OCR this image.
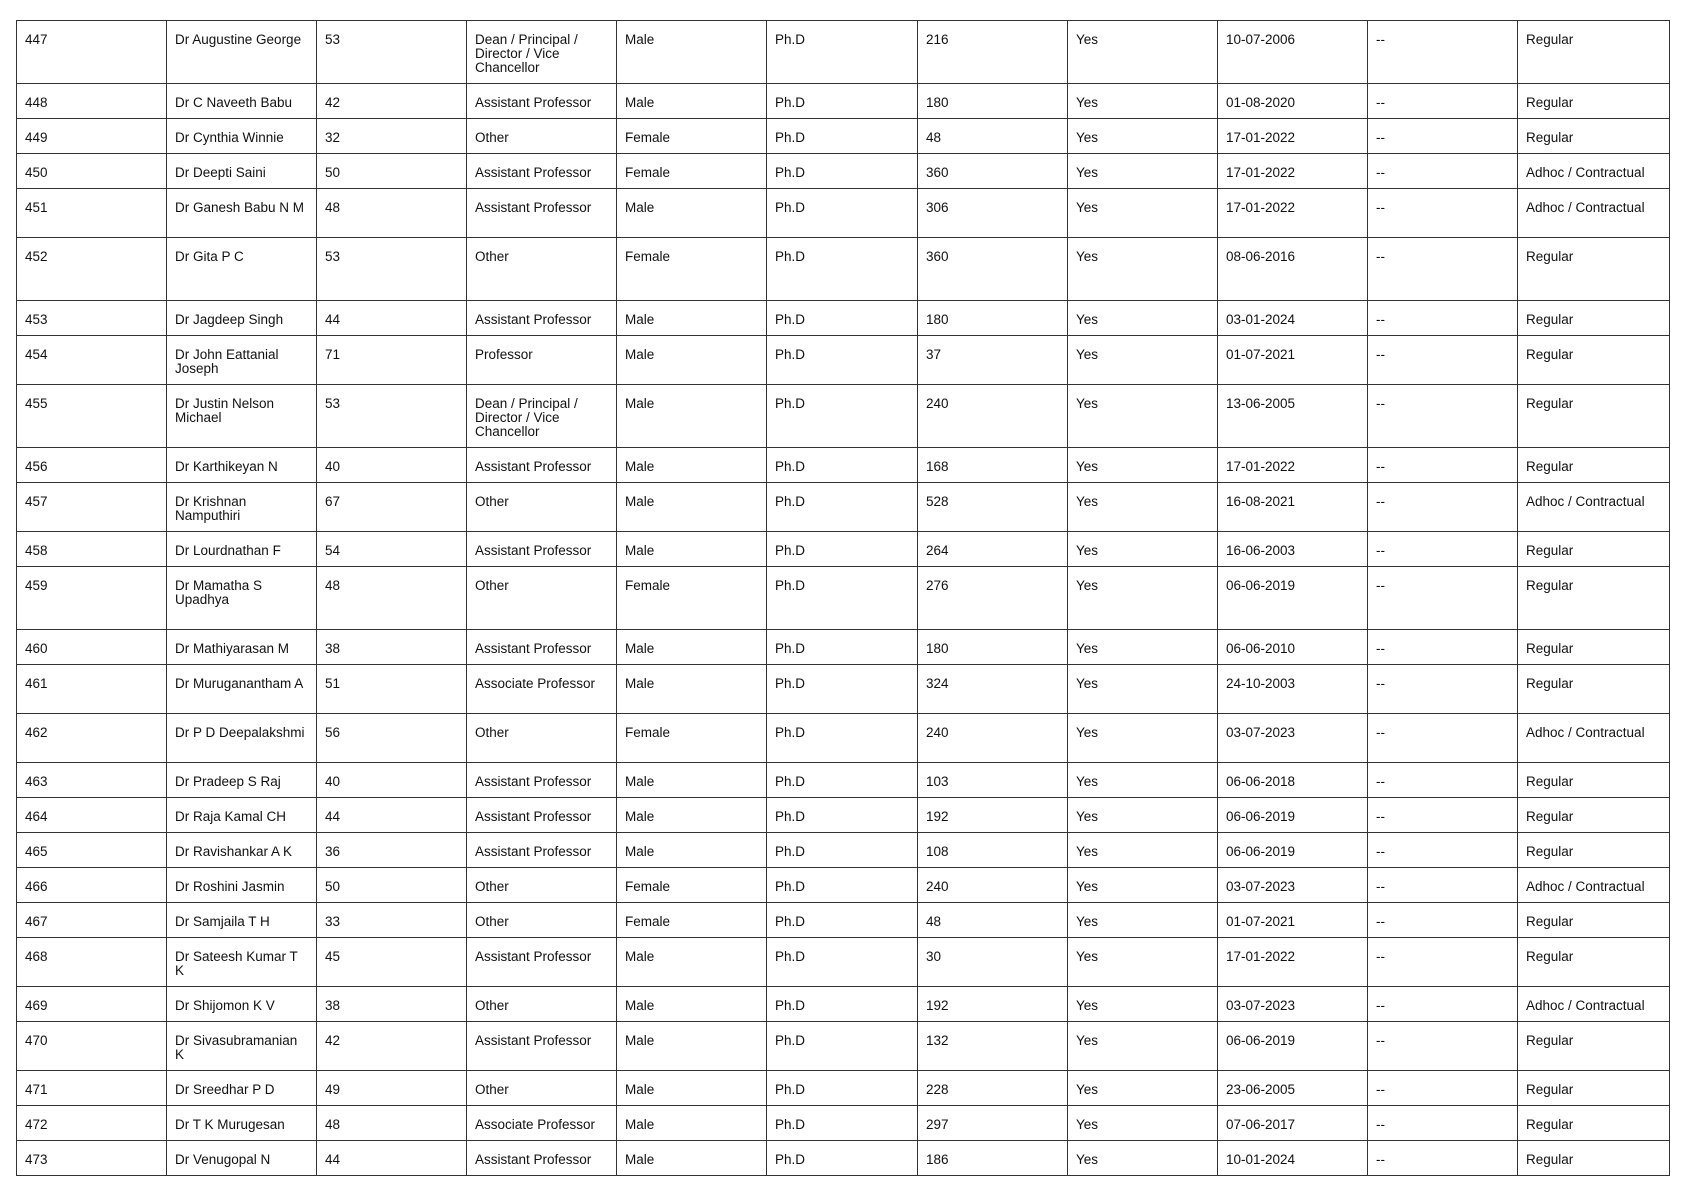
447	Dr Augustine George	53	Dean / Principal / Director / Vice Chancellor	Male	Ph.D	216	Yes	10-07-2006	--	Regular
448	Dr C Naveeth Babu	42	Assistant Professor	Male	Ph.D	180	Yes	01-08-2020	--	Regular
449	Dr Cynthia Winnie	32	Other	Female	Ph.D	48	Yes	17-01-2022	--	Regular
450	Dr Deepti Saini	50	Assistant Professor	Female	Ph.D	360	Yes	17-01-2022	--	Adhoc / Contractual
451	Dr Ganesh Babu N M	48	Assistant Professor	Male	Ph.D	306	Yes	17-01-2022	--	Adhoc / Contractual
452	Dr Gita P C	53	Other	Female	Ph.D	360	Yes	08-06-2016	--	Regular
453	Dr Jagdeep Singh	44	Assistant Professor	Male	Ph.D	180	Yes	03-01-2024	--	Regular
454	Dr John Eattanial Joseph	71	Professor	Male	Ph.D	37	Yes	01-07-2021	--	Regular
455	Dr Justin Nelson Michael	53	Dean / Principal / Director / Vice Chancellor	Male	Ph.D	240	Yes	13-06-2005	--	Regular
456	Dr Karthikeyan N	40	Assistant Professor	Male	Ph.D	168	Yes	17-01-2022	--	Regular
457	Dr Krishnan Namputhiri	67	Other	Male	Ph.D	528	Yes	16-08-2021	--	Adhoc / Contractual
458	Dr Lourdnathan F	54	Assistant Professor	Male	Ph.D	264	Yes	16-06-2003	--	Regular
459	Dr Mamatha S Upadhya	48	Other	Female	Ph.D	276	Yes	06-06-2019	--	Regular
460	Dr Mathiyarasan M	38	Assistant Professor	Male	Ph.D	180	Yes	06-06-2010	--	Regular
461	Dr Muruganantham A	51	Associate Professor	Male	Ph.D	324	Yes	24-10-2003	--	Regular
462	Dr P D Deepalakshmi	56	Other	Female	Ph.D	240	Yes	03-07-2023	--	Adhoc / Contractual
463	Dr Pradeep S Raj	40	Assistant Professor	Male	Ph.D	103	Yes	06-06-2018	--	Regular
464	Dr Raja Kamal CH	44	Assistant Professor	Male	Ph.D	192	Yes	06-06-2019	--	Regular
465	Dr Ravishankar A K	36	Assistant Professor	Male	Ph.D	108	Yes	06-06-2019	--	Regular
466	Dr Roshini Jasmin	50	Other	Female	Ph.D	240	Yes	03-07-2023	--	Adhoc / Contractual
467	Dr Samjaila T H	33	Other	Female	Ph.D	48	Yes	01-07-2021	--	Regular
468	Dr Sateesh Kumar T K	45	Assistant Professor	Male	Ph.D	30	Yes	17-01-2022	--	Regular
469	Dr Shijomon K V	38	Other	Male	Ph.D	192	Yes	03-07-2023	--	Adhoc / Contractual
470	Dr Sivasubramanian K	42	Assistant Professor	Male	Ph.D	132	Yes	06-06-2019	--	Regular
471	Dr Sreedhar P D	49	Other	Male	Ph.D	228	Yes	23-06-2005	--	Regular
472	Dr T K Murugesan	48	Associate Professor	Male	Ph.D	297	Yes	07-06-2017	--	Regular
473	Dr Venugopal N	44	Assistant Professor	Male	Ph.D	186	Yes	10-01-2024	--	Regular
